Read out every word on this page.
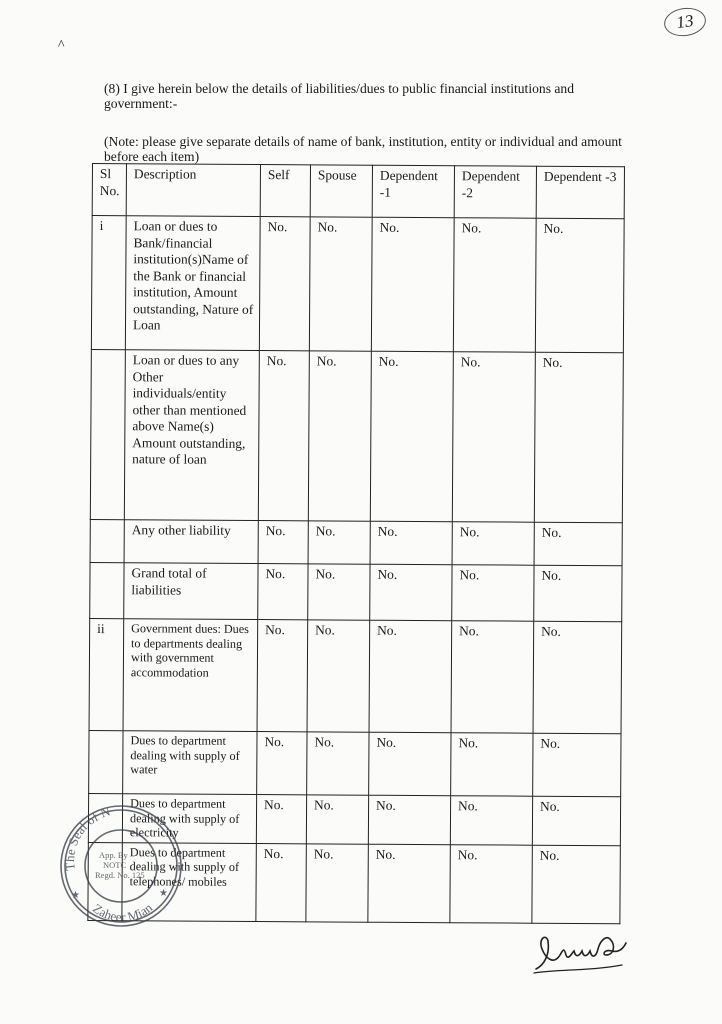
13
^
(8) I give herein below the details of liabilities/dues to public financial institutions and government:-
(Note: please give separate details of name of bank, institution, entity or individual and amount before each item)
Sl No.	Description	Self	Spouse	Dependent -1	Dependent -2	Dependent -3
i	Loan or dues to Bank/financial institution(s)Name of the Bank or financial institution, Amount outstanding, Nature of Loan	No.	No.	No.	No.	No.
	Loan or dues to any Other individuals/entity other than mentioned above Name(s) Amount outstanding, nature of loan	No.	No.	No.	No.	No.
	Any other liability	No.	No.	No.	No.	No.
	Grand total of liabilities	No.	No.	No.	No.	No.
ii	Government dues: Dues to departments dealing with government accommodation	No.	No.	No.	No.	No.
	Dues to department dealing with supply of water	No.	No.	No.	No.	No.
	Dues to department dealing with supply of electricity	No.	No.	No.	No.	No.
	Dues to department dealing with supply of telephones/ mobiles	No.	No.	No.	No.	No.
The Seal of N
Zaheer Mian
App. By
NOTC
Regd. No. 125
★	★
